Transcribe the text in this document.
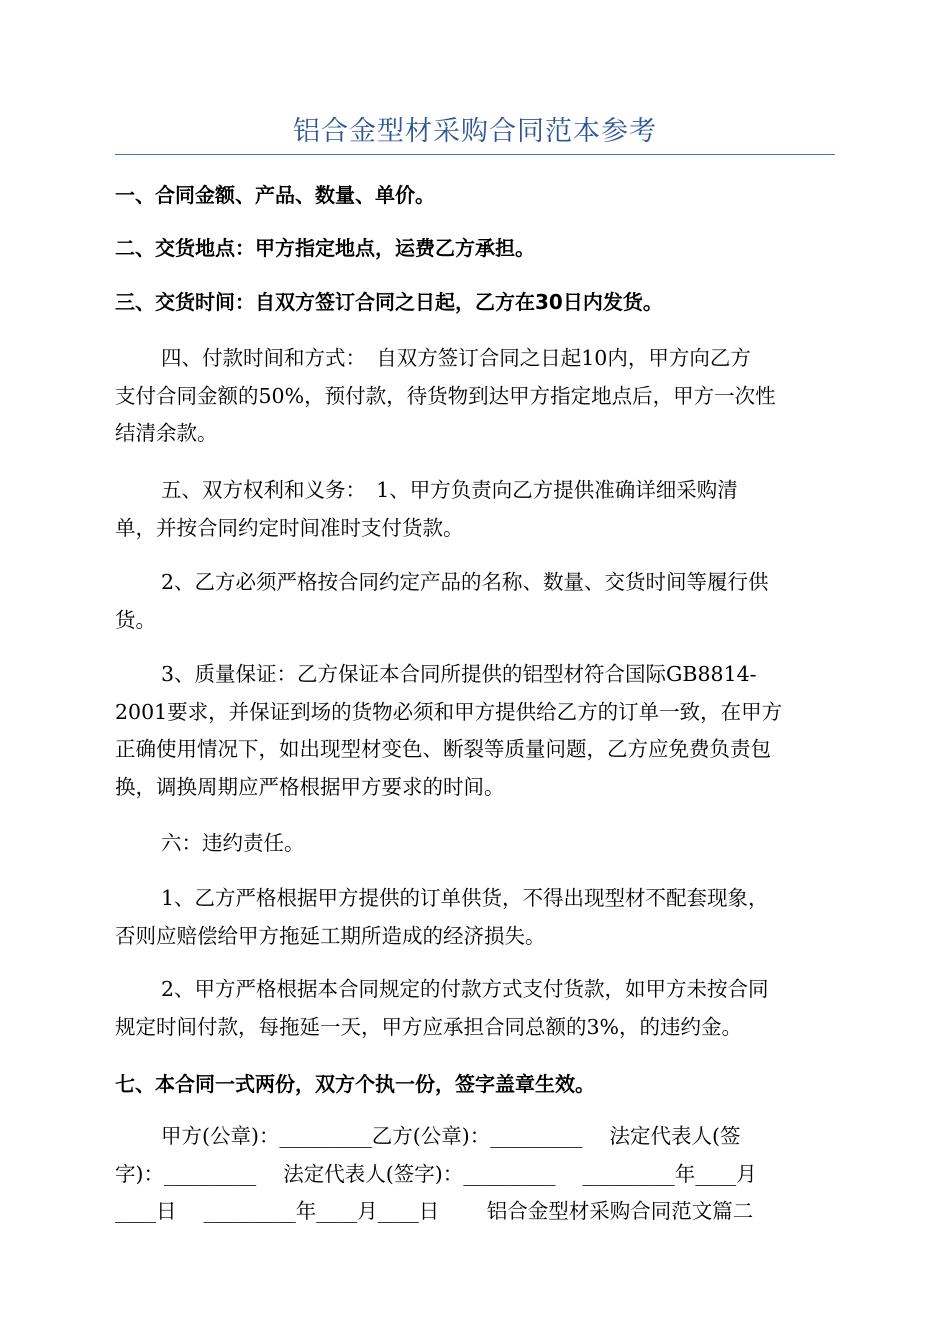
铝合金型材采购合同范本参考
一、合同金额、产品、数量、单价。
二、交货地点：甲方指定地点，运费乙方承担。
三、交货时间：自双方签订合同之日起，乙方在30日内发货。
四、付款时间和方式：　自双方签订合同之日起10内，甲方向乙方
支付合同金额的50%，预付款，待货物到达甲方指定地点后，甲方一次性
结清余款。
五、双方权利和义务：　1、甲方负责向乙方提供准确详细采购清
单，并按合同约定时间准时支付货款。
2、乙方必须严格按合同约定产品的名称、数量、交货时间等履行供
货。
3、质量保证：乙方保证本合同所提供的铝型材符合国际GB8814-
2001要求，并保证到场的货物必须和甲方提供给乙方的订单一致，在甲方
正确使用情况下，如出现型材变色、断裂等质量问题，乙方应免费负责包
换，调换周期应严格根据甲方要求的时间。
六：违约责任。
1、乙方严格根据甲方提供的订单供货，不得出现型材不配套现象，
否则应赔偿给甲方拖延工期所造成的经济损失。
2、甲方严格根据本合同规定的付款方式支付货款，如甲方未按合同
规定时间付款，每拖延一天，甲方应承担合同总额的3%，的违约金。
七、本合同一式两份，双方个执一份，签字盖章生效。
甲方(公章)：_________乙方(公章)：_________　 法定代表人(签
字)：_________　 法定代表人(签字)：_________　 _________年____月
____日　 _________年____月____日　　 铝合金型材采购合同范文篇二
